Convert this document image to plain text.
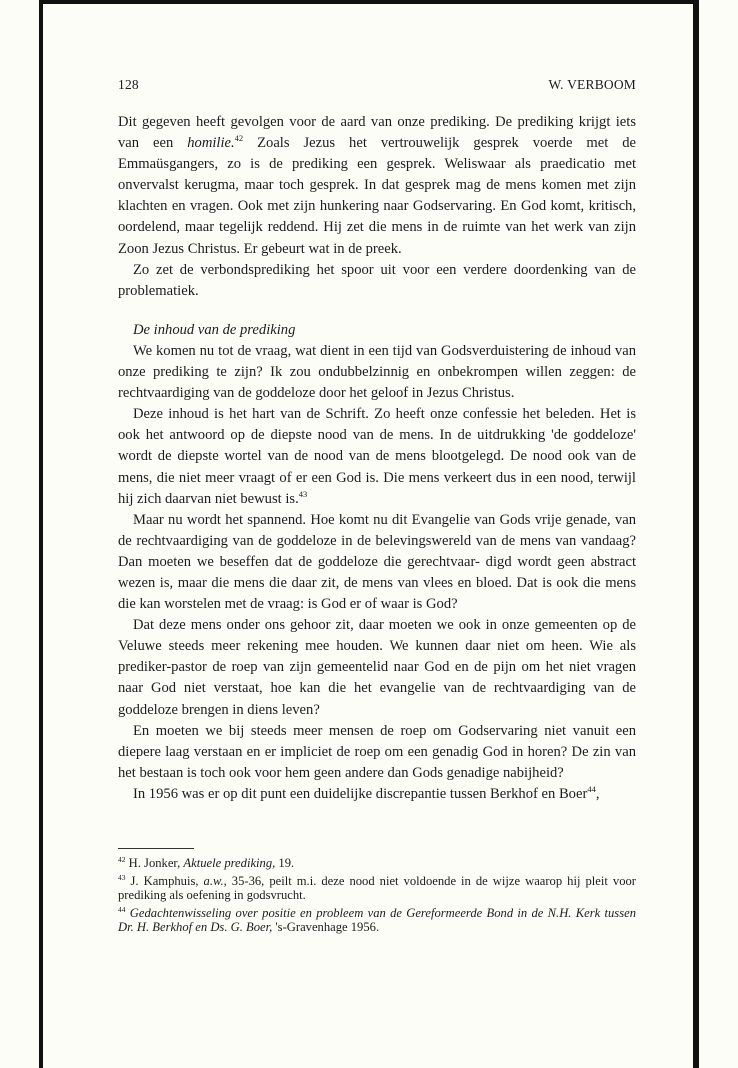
128	W. VERBOOM

Dit gegeven heeft gevolgen voor de aard van onze prediking. De prediking krijgt iets van een homilie.$^{42}$ Zoals Jezus het vertrouwelijk gesprek voerde met de Emmaüsgangers, zo is de prediking een gesprek. Weliswaar als praedicatio met onvervalst kerugma, maar toch gesprek. In dat gesprek mag de mens komen met zijn klachten en vragen. Ook met zijn hunkering naar Godservaring. En God komt, kritisch, oordelend, maar tegelijk reddend. Hij zet die mens in de ruimte van het werk van zijn Zoon Jezus Christus. Er gebeurt wat in de preek.

Zo zet de verbondsprediking het spoor uit voor een verdere doordenking van de problematiek.

De inhoud van de prediking

We komen nu tot de vraag, wat dient in een tijd van Godsverduistering de inhoud van onze prediking te zijn? Ik zou ondubbelzinnig en onbekrompen willen zeggen: de rechtvaardiging van de goddeloze door het geloof in Jezus Christus.

Deze inhoud is het hart van de Schrift. Zo heeft onze confessie het beleden. Het is ook het antwoord op de diepste nood van de mens. In de uitdrukking 'de goddeloze' wordt de diepste wortel van de nood van de mens blootgelegd. De nood ook van de mens, die niet meer vraagt of er een God is. Die mens verkeert dus in een nood, terwijl hij zich daarvan niet bewust is.$^{43}$

Maar nu wordt het spannend. Hoe komt nu dit Evangelie van Gods vrije genade, van de rechtvaardiging van de goddeloze in de belevingswereld van de mens van vandaag? Dan moeten we beseffen dat de goddeloze die gerechtvaar- digd wordt geen abstract wezen is, maar die mens die daar zit, de mens van vlees en bloed. Dat is ook die mens die kan worstelen met de vraag: is God er of waar is God?

Dat deze mens onder ons gehoor zit, daar moeten we ook in onze gemeenten op de Veluwe steeds meer rekening mee houden. We kunnen daar niet om heen. Wie als prediker-pastor de roep van zijn gemeentelid naar God en de pijn om het niet vragen naar God niet verstaat, hoe kan die het evangelie van de rechtvaardiging van de goddeloze brengen in diens leven?

En moeten we bij steeds meer mensen de roep om Godservaring niet vanuit een diepere laag verstaan en er impliciet de roep om een genadig God in horen? De zin van het bestaan is toch ook voor hem geen andere dan Gods genadige nabijheid?

In 1956 was er op dit punt een duidelijke discrepantie tussen Berkhof en Boer$^{44}$,

$^{42}$ H. Jonker, Aktuele prediking, 19.

$^{43}$ J. Kamphuis, a.w., 35-36, peilt m.i. deze nood niet voldoende in de wijze waarop hij pleit voor prediking als oefening in godsvrucht.

$^{44}$ Gedachtenwisseling over positie en probleem van de Gereformeerde Bond in de N.H. Kerk tussen Dr. H. Berkhof en Ds. G. Boer, 's-Gravenhage 1956.
